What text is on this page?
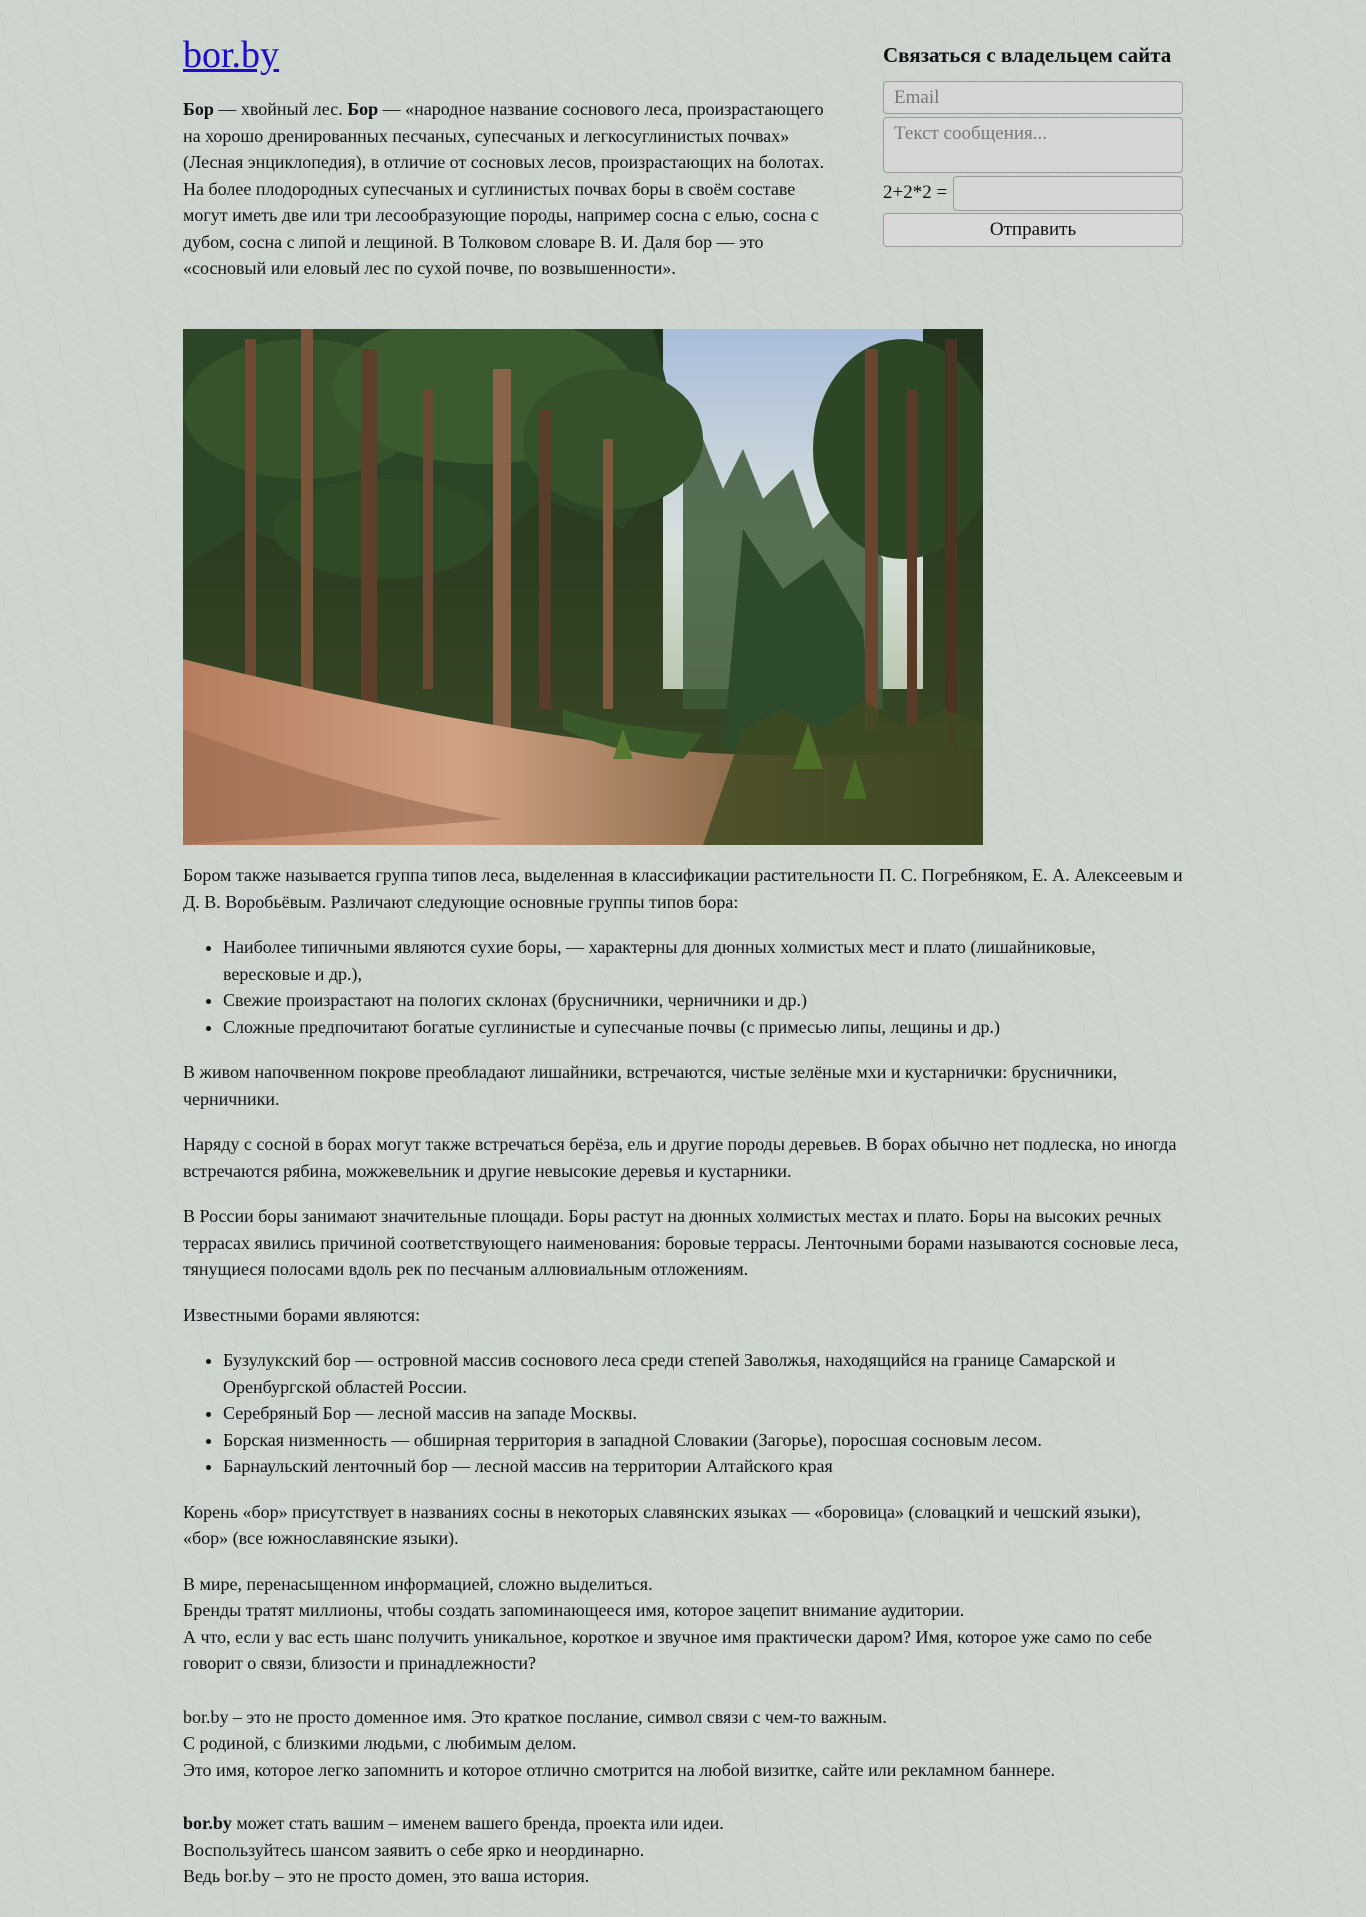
bor.by

Бор — хвойный лес. Бор — «народное название соснового леса, произрастающего на хорошо дренированных песчаных, супесчаных и легкосуглинистых почвах» (Лесная энциклопедия), в отличие от сосновых лесов, произрастающих на болотах. На более плодородных супесчаных и суглинистых почвах боры в своём составе могут иметь две или три лесообразующие породы, например сосна с елью, сосна с дубом, сосна с липой и лещиной. В Толковом словаре В. И. Даля бор — это «сосновый или еловый лес по сухой почве, по возвышенности».

Связаться с владельцем сайта
Email
Текст сообщения...
2+2*2 =
Отправить

Бором также называется группа типов леса, выделенная в классификации растительности П. С. Погребняком, Е. А. Алексеевым и Д. В. Воробьёвым. Различают следующие основные группы типов бора:

• Наиболее типичными являются сухие боры, — характерны для дюнных холмистых мест и плато (лишайниковые, вересковые и др.),
• Свежие произрастают на пологих склонах (брусничники, черничники и др.)
• Сложные предпочитают богатые суглинистые и супесчаные почвы (с примесью липы, лещины и др.)

В живом напочвенном покрове преобладают лишайники, встречаются, чистые зелёные мхи и кустарнички: брусничники, черничники.

Наряду с сосной в борах могут также встречаться берёза, ель и другие породы деревьев. В борах обычно нет подлеска, но иногда встречаются рябина, можжевельник и другие невысокие деревья и кустарники.

В России боры занимают значительные площади. Боры растут на дюнных холмистых местах и плато. Боры на высоких речных террасах явились причиной соответствующего наименования: боровые террасы. Ленточными борами называются сосновые леса, тянущиеся полосами вдоль рек по песчаным аллювиальным отложениям.

Известными борами являются:

• Бузулукский бор — островной массив соснового леса среди степей Заволжья, находящийся на границе Самарской и Оренбургской областей России.
• Серебряный Бор — лесной массив на западе Москвы.
• Борская низменность — обширная территория в западной Словакии (Загорье), поросшая сосновым лесом.
• Барнаульский ленточный бор — лесной массив на территории Алтайского края

Корень «бор» присутствует в названиях сосны в некоторых славянских языках — «боровица» (словацкий и чешский языки), «бор» (все южнославянские языки).

В мире, перенасыщенном информацией, сложно выделиться.
Бренды тратят миллионы, чтобы создать запоминающееся имя, которое зацепит внимание аудитории.
А что, если у вас есть шанс получить уникальное, короткое и звучное имя практически даром? Имя, которое уже само по себе говорит о связи, близости и принадлежности?

bor.by – это не просто доменное имя. Это краткое послание, символ связи с чем-то важным.
С родиной, с близкими людьми, с любимым делом.
Это имя, которое легко запомнить и которое отлично смотрится на любой визитке, сайте или рекламном баннере.

bor.by может стать вашим – именем вашего бренда, проекта или идеи.
Воспользуйтесь шансом заявить о себе ярко и неординарно.
Ведь bor.by – это не просто домен, это ваша история.
